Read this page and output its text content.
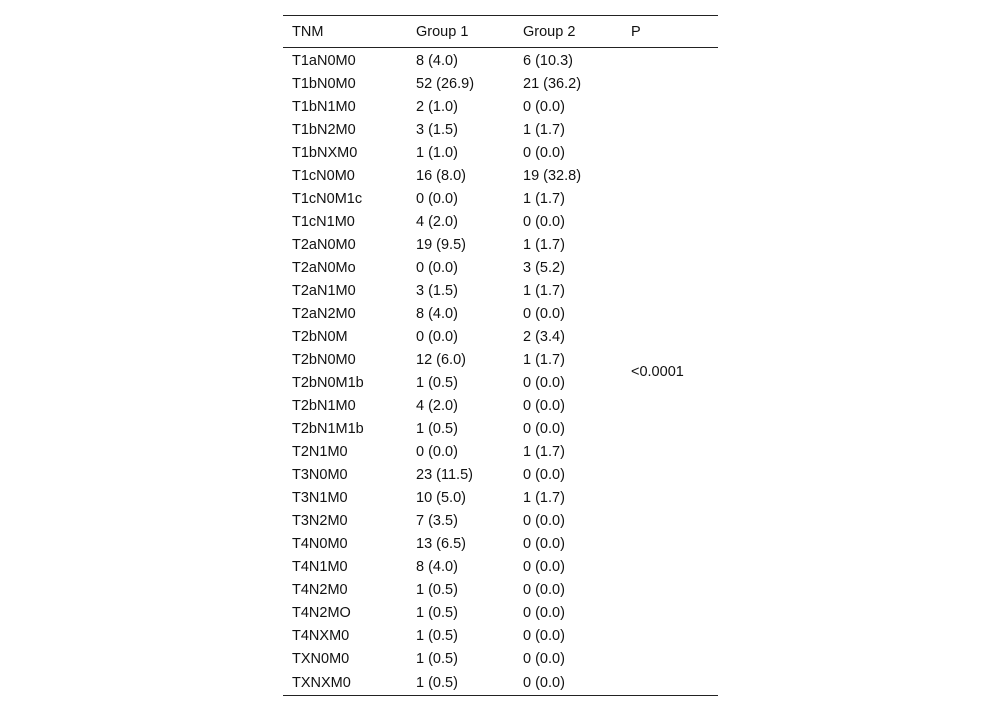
TNM	Group 1	Group 2	P
T1aN0M0	8 (4.0)	6 (10.3)	<0.0001
T1bN0M0	52 (26.9)	21 (36.2)	
T1bN1M0	2 (1.0)	0 (0.0)	
T1bN2M0	3 (1.5)	1 (1.7)	
T1bNXM0	1 (1.0)	0 (0.0)	
T1cN0M0	16 (8.0)	19 (32.8)	
T1cN0M1c	0 (0.0)	1 (1.7)	
T1cN1M0	4 (2.0)	0 (0.0)	
T2aN0M0	19 (9.5)	1 (1.7)	
T2aN0Mo	0 (0.0)	3 (5.2)	
T2aN1M0	3 (1.5)	1 (1.7)	
T2aN2M0	8 (4.0)	0 (0.0)	
T2bN0M	0 (0.0)	2 (3.4)	
T2bN0M0	12 (6.0)	1 (1.7)	
T2bN0M1b	1 (0.5)	0 (0.0)	
T2bN1M0	4 (2.0)	0 (0.0)	
T2bN1M1b	1 (0.5)	0 (0.0)	
T2N1M0	0 (0.0)	1 (1.7)	
T3N0M0	23 (11.5)	0 (0.0)	
T3N1M0	10 (5.0)	1 (1.7)	
T3N2M0	7 (3.5)	0 (0.0)	
T4N0M0	13 (6.5)	0 (0.0)	
T4N1M0	8 (4.0)	0 (0.0)	
T4N2M0	1 (0.5)	0 (0.0)	
T4N2MO	1 (0.5)	0 (0.0)	
T4NXM0	1 (0.5)	0 (0.0)	
TXN0M0	1 (0.5)	0 (0.0)	
TXNXM0	1 (0.5)	0 (0.0)	
